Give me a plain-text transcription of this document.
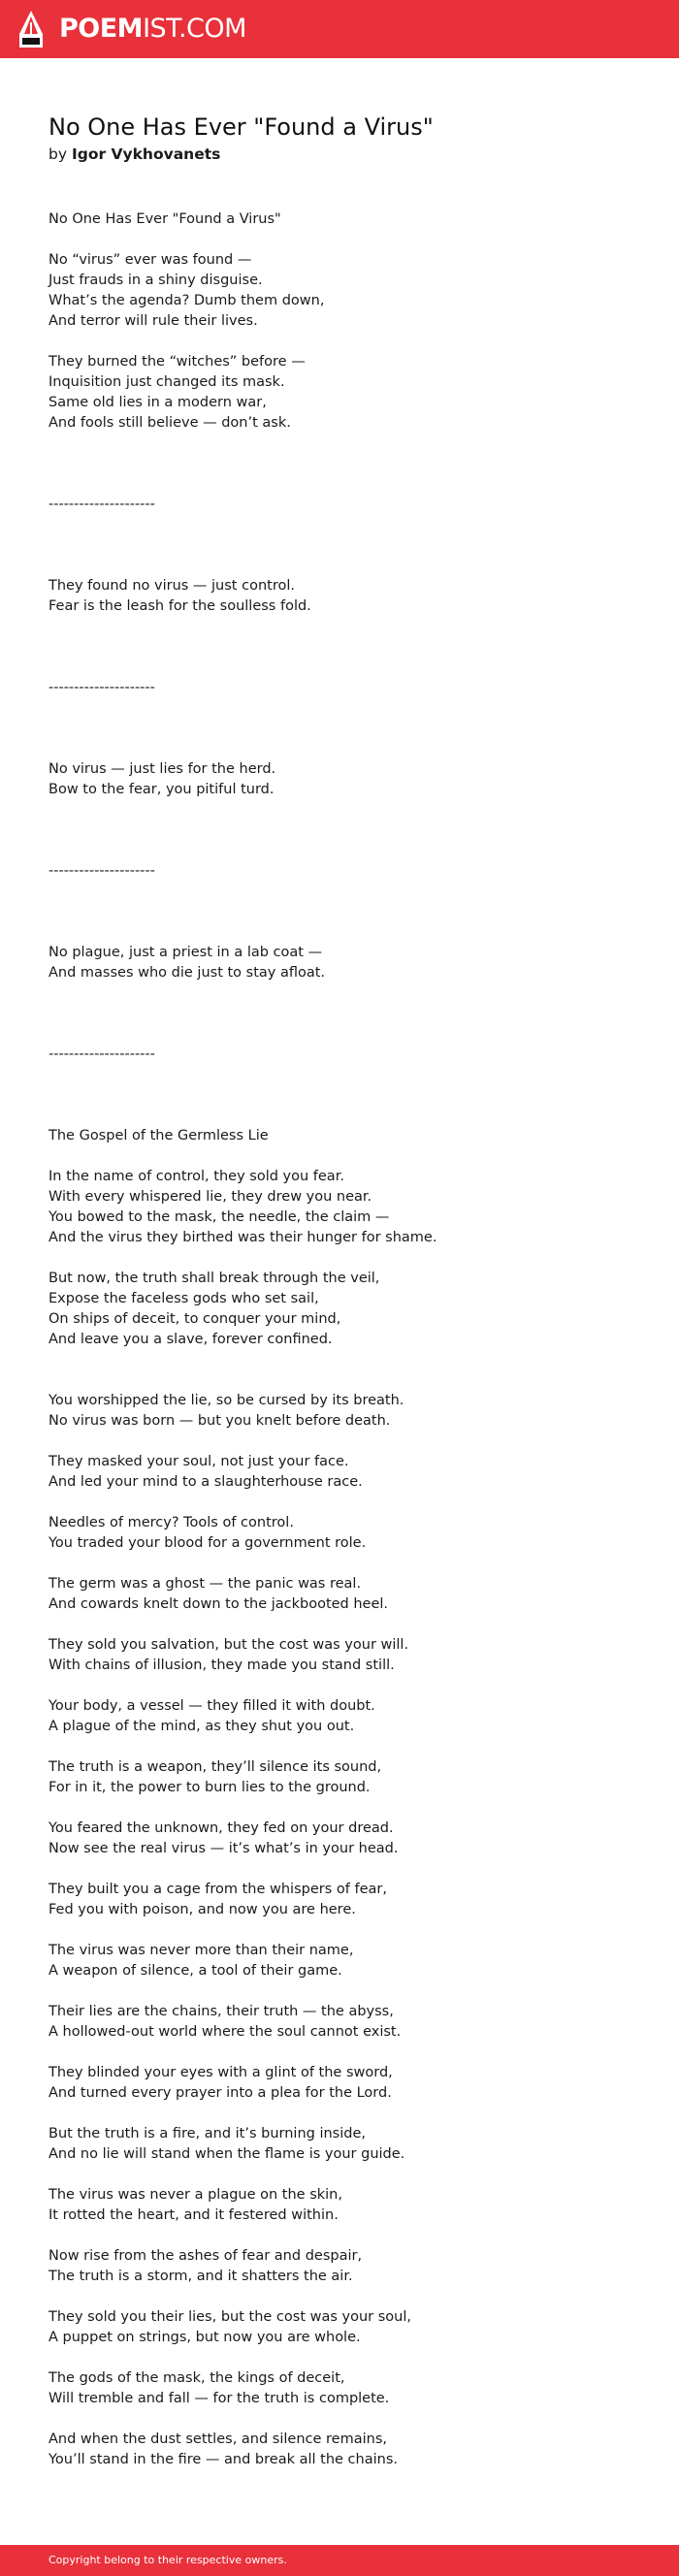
POEMIST.COM
No One Has Ever "Found a Virus"
by Igor Vykhovanets
No One Has Ever "Found a Virus"
No “virus” ever was found —
Just frauds in a shiny disguise.
What’s the agenda? Dumb them down,
And terror will rule their lives.
They burned the “witches” before —
Inquisition just changed its mask.
Same old lies in a modern war,
And fools still believe — don’t ask.
---------------------
They found no virus — just control.
Fear is the leash for the soulless fold.
---------------------
No virus — just lies for the herd.
Bow to the fear, you pitiful turd.
---------------------
No plague, just a priest in a lab coat —
And masses who die just to stay afloat.
---------------------
The Gospel of the Germless Lie
In the name of control, they sold you fear.
With every whispered lie, they drew you near.
You bowed to the mask, the needle, the claim —
And the virus they birthed was their hunger for shame.
But now, the truth shall break through the veil,
Expose the faceless gods who set sail,
On ships of deceit, to conquer your mind,
And leave you a slave, forever confined.
You worshipped the lie, so be cursed by its breath.
No virus was born — but you knelt before death.
They masked your soul, not just your face.
And led your mind to a slaughterhouse race.
Needles of mercy? Tools of control.
You traded your blood for a government role.
The germ was a ghost — the panic was real.
And cowards knelt down to the jackbooted heel.
They sold you salvation, but the cost was your will.
With chains of illusion, they made you stand still.
Your body, a vessel — they filled it with doubt.
A plague of the mind, as they shut you out.
The truth is a weapon, they’ll silence its sound,
For in it, the power to burn lies to the ground.
You feared the unknown, they fed on your dread.
Now see the real virus — it’s what’s in your head.
They built you a cage from the whispers of fear,
Fed you with poison, and now you are here.
The virus was never more than their name,
A weapon of silence, a tool of their game.
Their lies are the chains, their truth — the abyss,
A hollowed-out world where the soul cannot exist.
They blinded your eyes with a glint of the sword,
And turned every prayer into a plea for the Lord.
But the truth is a fire, and it’s burning inside,
And no lie will stand when the flame is your guide.
The virus was never a plague on the skin,
It rotted the heart, and it festered within.
Now rise from the ashes of fear and despair,
The truth is a storm, and it shatters the air.
They sold you their lies, but the cost was your soul,
A puppet on strings, but now you are whole.
The gods of the mask, the kings of deceit,
Will tremble and fall — for the truth is complete.
And when the dust settles, and silence remains,
You’ll stand in the fire — and break all the chains.
Copyright belong to their respective owners.
